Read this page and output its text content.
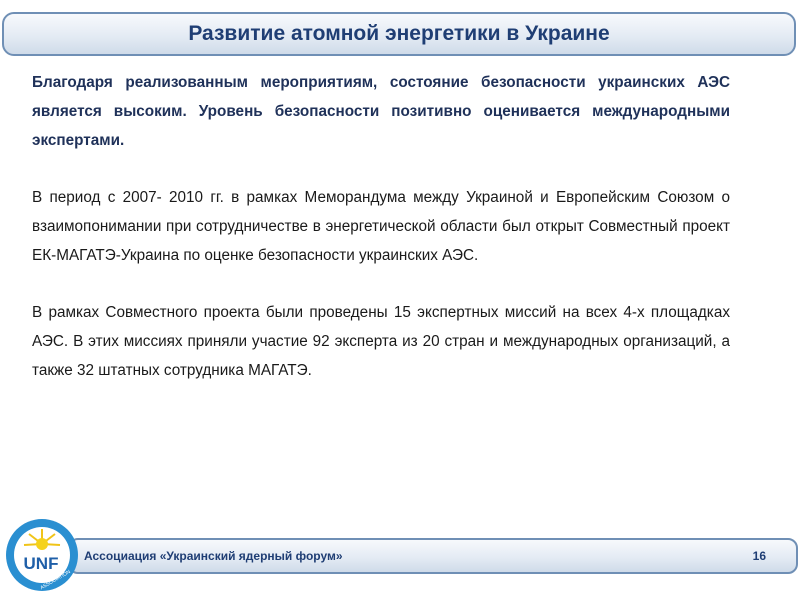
Развитие атомной энергетики в Украине

Благодаря реализованным мероприятиям, состояние безопасности украинских АЭС является высоким. Уровень безопасности позитивно оценивается международными экспертами.

В период с 2007- 2010 гг. в рамках Меморандума между Украиной и Европейским Союзом о взаимопонимании при сотрудничестве в энергетической области был открыт Совместный проект ЕК-МАГАТЭ-Украина по оценке безопасности украинских АЭС.

В рамках Совместного проекта были проведены 15 экспертных миссий на всех 4-х площадках АЭС. В этих миссиях приняли участие 92 эксперта из 20 стран и международных организаций, а также 32 штатных сотрудника МАГАТЭ.

Ассоциация «Украинский ядерный форум»	16
UNF
ASSOCIATION
